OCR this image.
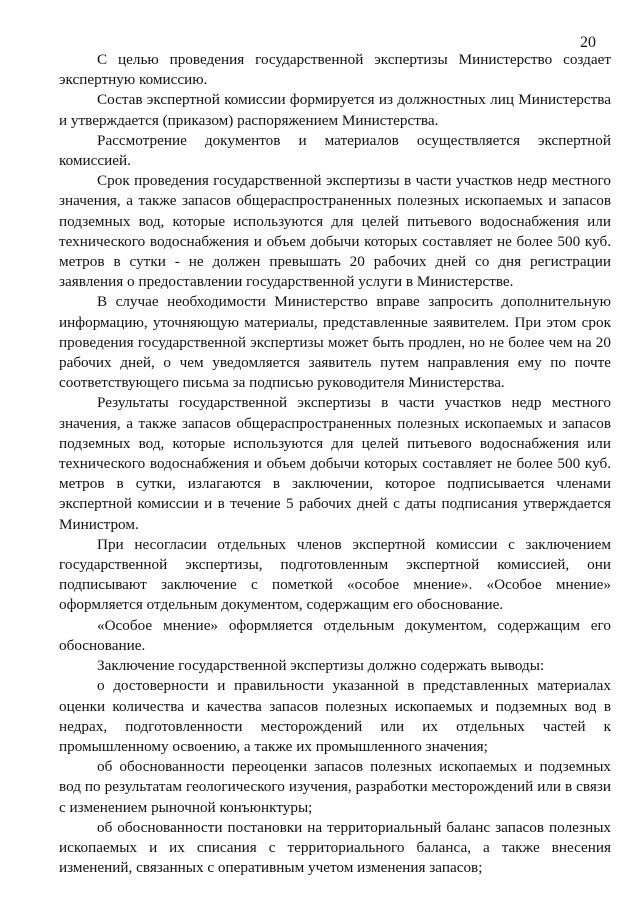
20

С целью проведения государственной экспертизы Министерство создает экспертную комиссию.

Состав экспертной комиссии формируется из должностных лиц Министерства и утверждается (приказом) распоряжением Министерства.

Рассмотрение документов и материалов осуществляется экспертной комиссией.

Срок проведения государственной экспертизы в части участков недр местного значения, а также запасов общераспространенных полезных ископаемых и запасов подземных вод, которые используются для целей питьевого водоснабжения или технического водоснабжения и объем добычи которых составляет не более 500 куб. метров в сутки - не должен превышать 20 рабочих дней со дня регистрации заявления о предоставлении государственной услуги в Министерстве.

В случае необходимости Министерство вправе запросить дополнительную информацию, уточняющую материалы, представленные заявителем. При этом срок проведения государственной экспертизы может быть продлен, но не более чем на 20 рабочих дней, о чем уведомляется заявитель путем направления ему по почте соответствующего письма за подписью руководителя Министерства.

Результаты государственной экспертизы в части участков недр местного значения, а также запасов общераспространенных полезных ископаемых и запасов подземных вод, которые используются для целей питьевого водоснабжения или технического водоснабжения и объем добычи которых составляет не более 500 куб. метров в сутки, излагаются в заключении, которое подписывается членами экспертной комиссии и в течение 5 рабочих дней с даты подписания утверждается Министром.

При несогласии отдельных членов экспертной комиссии с заключением государственной экспертизы, подготовленным экспертной комиссией, они подписывают заключение с пометкой «особое мнение». «Особое мнение» оформляется отдельным документом, содержащим его обоснование.

«Особое мнение» оформляется отдельным документом, содержащим его обоснование.

Заключение государственной экспертизы должно содержать выводы:

о достоверности и правильности указанной в представленных материалах оценки количества и качества запасов полезных ископаемых и подземных вод в недрах, подготовленности месторождений или их отдельных частей к промышленному освоению, а также их промышленного значения;

об обоснованности переоценки запасов полезных ископаемых и подземных вод по результатам геологического изучения, разработки месторождений или в связи с изменением рыночной конъюнктуры;

об обоснованности постановки на территориальный баланс запасов полезных ископаемых и их списания с территориального баланса, а также внесения изменений, связанных с оперативным учетом изменения запасов;
